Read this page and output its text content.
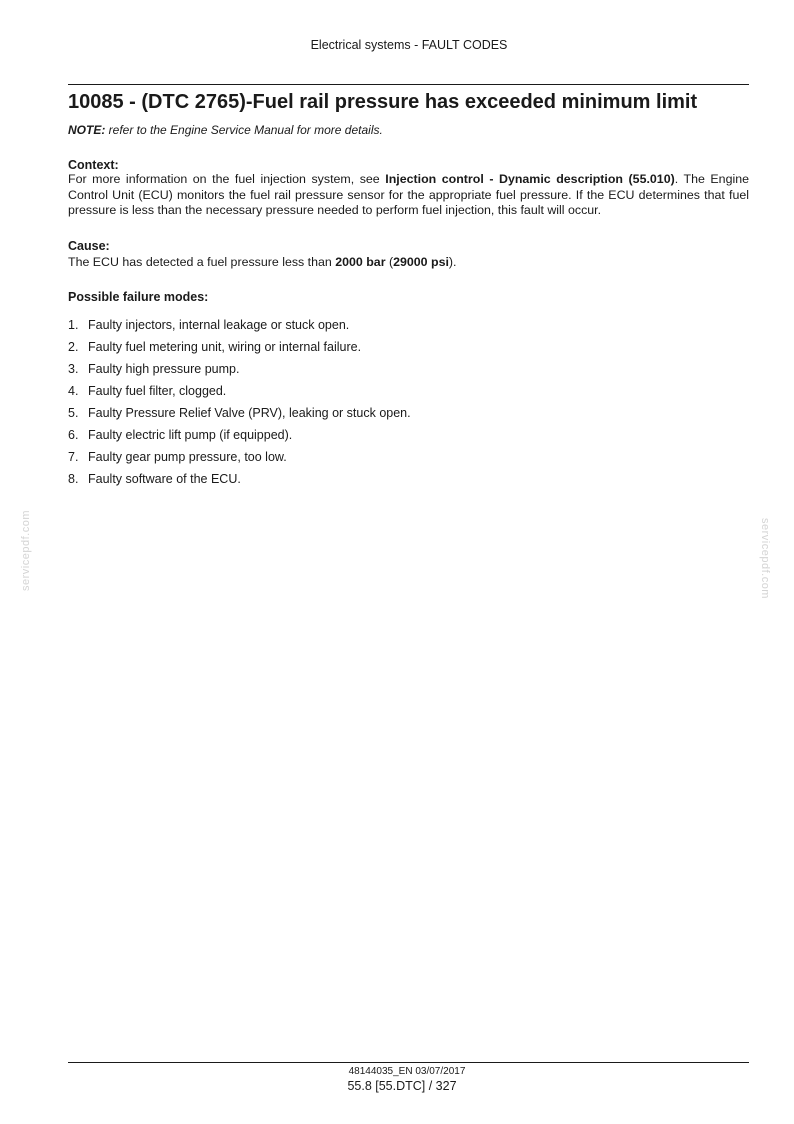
Electrical systems - FAULT CODES
10085 - (DTC 2765)-Fuel rail pressure has exceeded minimum limit
NOTE: refer to the Engine Service Manual for more details.
Context:
For more information on the fuel injection system, see Injection control - Dynamic description (55.010). The Engine Control Unit (ECU) monitors the fuel rail pressure sensor for the appropriate fuel pressure. If the ECU determines that fuel pressure is less than the necessary pressure needed to perform fuel injection, this fault will occur.
Cause:
The ECU has detected a fuel pressure less than 2000 bar (29000 psi).
Possible failure modes:
1. Faulty injectors, internal leakage or stuck open.
2. Faulty fuel metering unit, wiring or internal failure.
3. Faulty high pressure pump.
4. Faulty fuel filter, clogged.
5. Faulty Pressure Relief Valve (PRV), leaking or stuck open.
6. Faulty electric lift pump (if equipped).
7. Faulty gear pump pressure, too low.
8. Faulty software of the ECU.
servicepdf.com	servicepdf.com
48144035_EN 03/07/2017
55.8 [55.DTC] / 327
